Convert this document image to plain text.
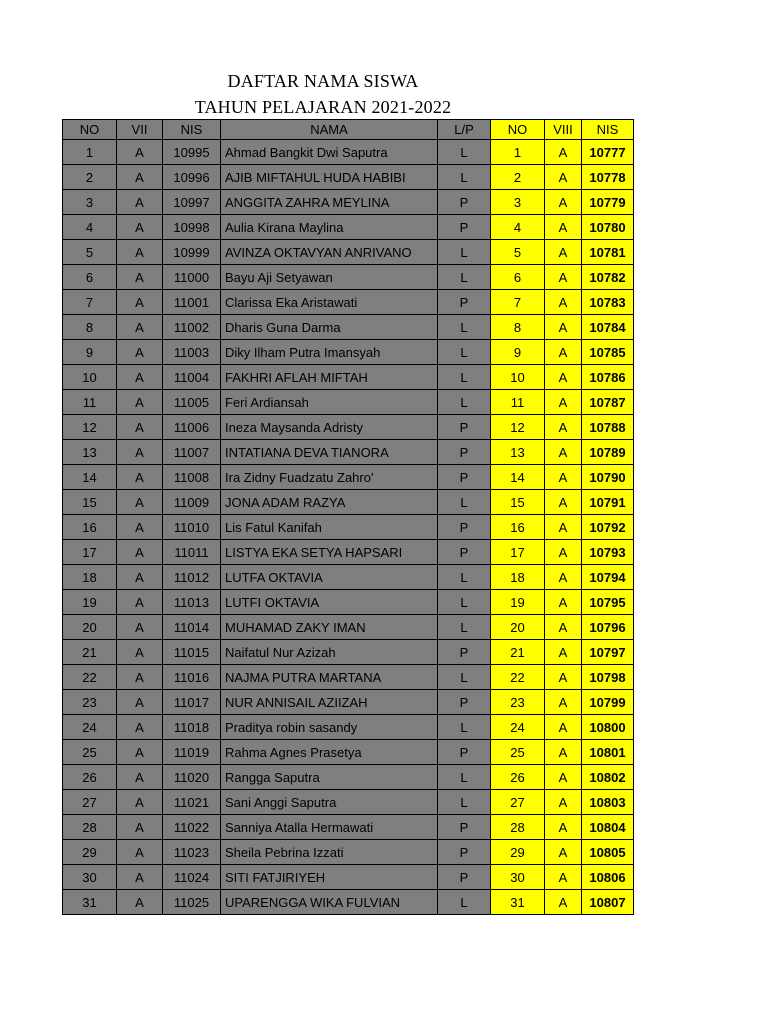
DAFTAR NAMA SISWA
TAHUN PELAJARAN 2021-2022
NO	VII	NIS	NAMA	L/P	NO	VIII	NIS
1	A	10995	Ahmad Bangkit Dwi Saputra	L	1	A	10777
2	A	10996	AJIB MIFTAHUL HUDA HABIBI	L	2	A	10778
3	A	10997	ANGGITA ZAHRA MEYLINA	P	3	A	10779
4	A	10998	Aulia Kirana Maylina	P	4	A	10780
5	A	10999	AVINZA OKTAVYAN ANRIVANO	L	5	A	10781
6	A	11000	Bayu Aji Setyawan	L	6	A	10782
7	A	11001	Clarissa Eka Aristawati	P	7	A	10783
8	A	11002	Dharis Guna Darma	L	8	A	10784
9	A	11003	Diky Ilham Putra Imansyah	L	9	A	10785
10	A	11004	FAKHRI AFLAH MIFTAH	L	10	A	10786
11	A	11005	Feri Ardiansah	L	11	A	10787
12	A	11006	Ineza Maysanda Adristy	P	12	A	10788
13	A	11007	INTATIANA DEVA TIANORA	P	13	A	10789
14	A	11008	Ira Zidny Fuadzatu Zahro'	P	14	A	10790
15	A	11009	JONA ADAM RAZYA	L	15	A	10791
16	A	11010	Lis Fatul Kanifah	P	16	A	10792
17	A	11011	LISTYA EKA SETYA HAPSARI	P	17	A	10793
18	A	11012	LUTFA OKTAVIA	L	18	A	10794
19	A	11013	LUTFI OKTAVIA	L	19	A	10795
20	A	11014	MUHAMAD ZAKY IMAN	L	20	A	10796
21	A	11015	Naifatul Nur Azizah	P	21	A	10797
22	A	11016	NAJMA PUTRA MARTANA	L	22	A	10798
23	A	11017	NUR ANNISAIL AZIIZAH	P	23	A	10799
24	A	11018	Praditya robin sasandy	L	24	A	10800
25	A	11019	Rahma Agnes Prasetya	P	25	A	10801
26	A	11020	Rangga Saputra	L	26	A	10802
27	A	11021	Sani Anggi Saputra	L	27	A	10803
28	A	11022	Sanniya Atalla Hermawati	P	28	A	10804
29	A	11023	Sheila Pebrina Izzati	P	29	A	10805
30	A	11024	SITI FATJIRIYEH	P	30	A	10806
31	A	11025	UPARENGGA WIKA FULVIAN	L	31	A	10807
